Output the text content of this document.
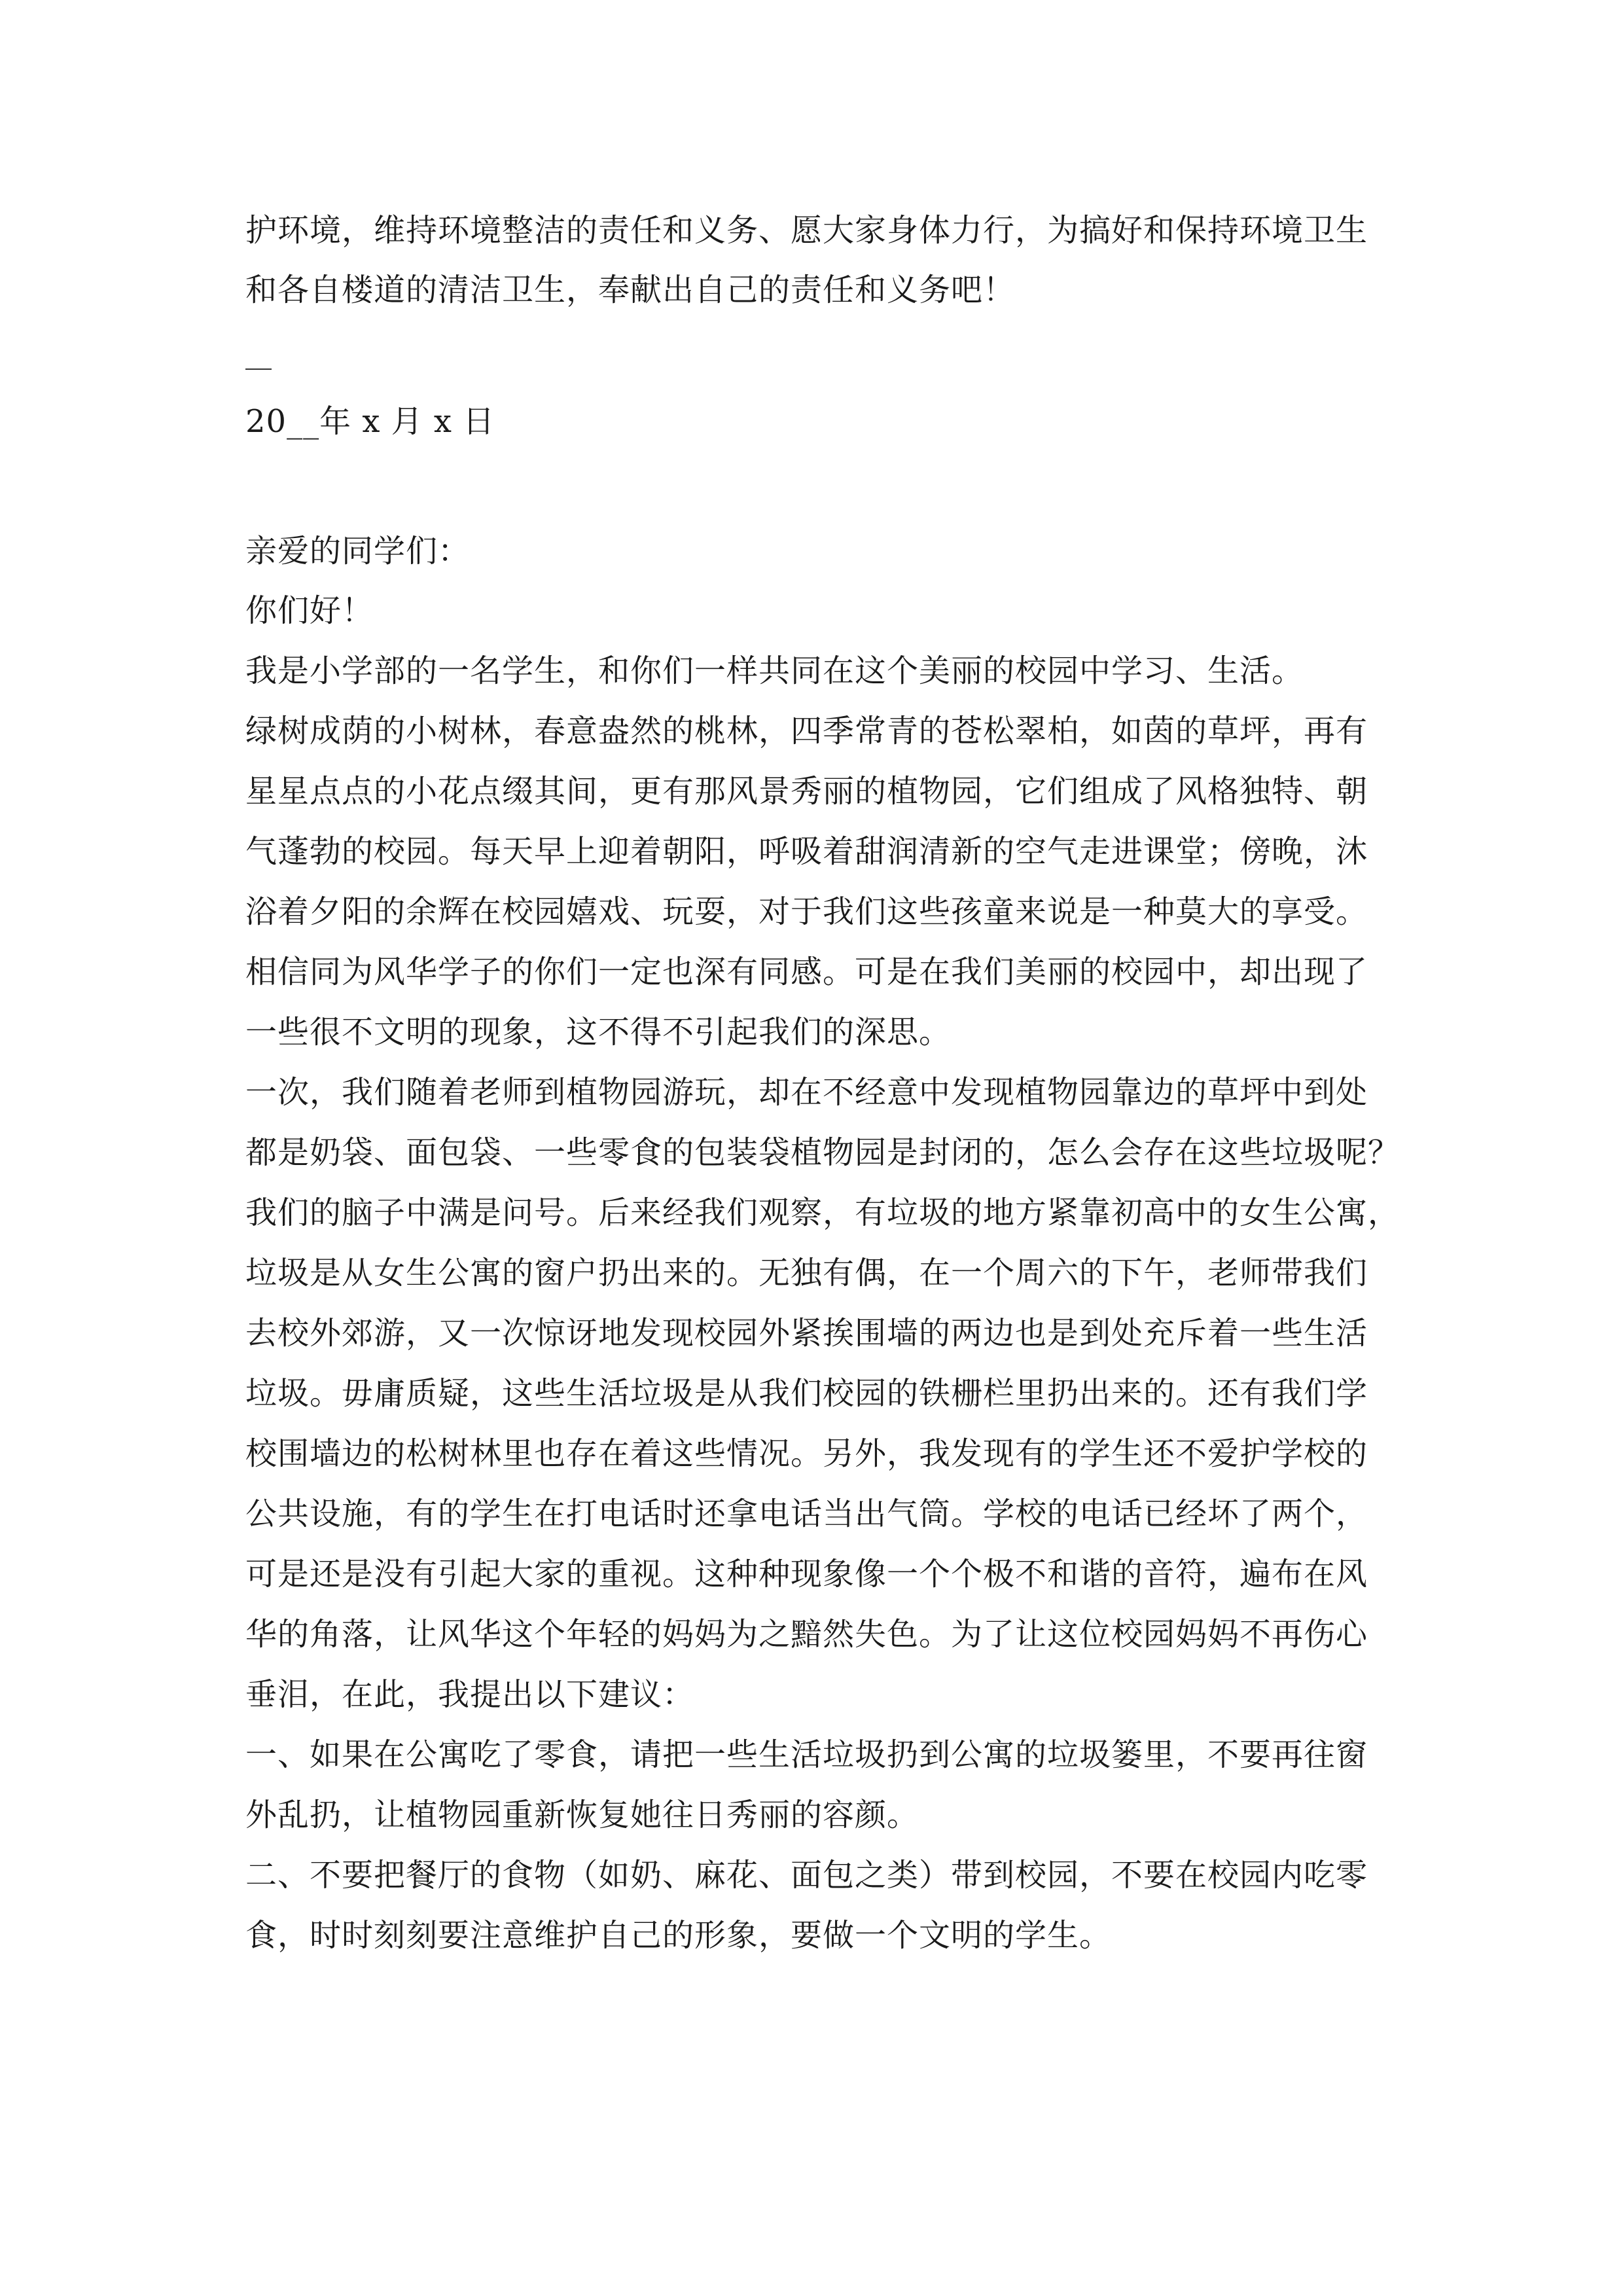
护环境，维持环境整洁的责任和义务、愿大家身体力行，为搞好和保持环境卫生
和各自楼道的清洁卫生，奉献出自己的责任和义务吧！
20__年 x 月 x 日
亲爱的同学们：
你们好！
我是小学部的一名学生，和你们一样共同在这个美丽的校园中学习、生活。
绿树成荫的小树林，春意盎然的桃林，四季常青的苍松翠柏，如茵的草坪，再有
星星点点的小花点缀其间，更有那风景秀丽的植物园，它们组成了风格独特、朝
气蓬勃的校园。每天早上迎着朝阳，呼吸着甜润清新的空气走进课堂；傍晚，沐
浴着夕阳的余辉在校园嬉戏、玩耍，对于我们这些孩童来说是一种莫大的享受。
相信同为风华学子的你们一定也深有同感。可是在我们美丽的校园中，却出现了
一些很不文明的现象，这不得不引起我们的深思。
一次，我们随着老师到植物园游玩，却在不经意中发现植物园靠边的草坪中到处
都是奶袋、面包袋、一些零食的包装袋植物园是封闭的，怎么会存在这些垃圾呢？
我们的脑子中满是问号。后来经我们观察，有垃圾的地方紧靠初高中的女生公寓，
垃圾是从女生公寓的窗户扔出来的。无独有偶，在一个周六的下午，老师带我们
去校外郊游，又一次惊讶地发现校园外紧挨围墙的两边也是到处充斥着一些生活
垃圾。毋庸质疑，这些生活垃圾是从我们校园的铁栅栏里扔出来的。还有我们学
校围墙边的松树林里也存在着这些情况。另外，我发现有的学生还不爱护学校的
公共设施，有的学生在打电话时还拿电话当出气筒。学校的电话已经坏了两个，
可是还是没有引起大家的重视。这种种现象像一个个极不和谐的音符，遍布在风
华的角落，让风华这个年轻的妈妈为之黯然失色。为了让这位校园妈妈不再伤心
垂泪，在此，我提出以下建议：
一、如果在公寓吃了零食，请把一些生活垃圾扔到公寓的垃圾篓里，不要再往窗
外乱扔，让植物园重新恢复她往日秀丽的容颜。
二、不要把餐厅的食物（如奶、麻花、面包之类）带到校园，不要在校园内吃零
食，时时刻刻要注意维护自己的形象，要做一个文明的学生。
